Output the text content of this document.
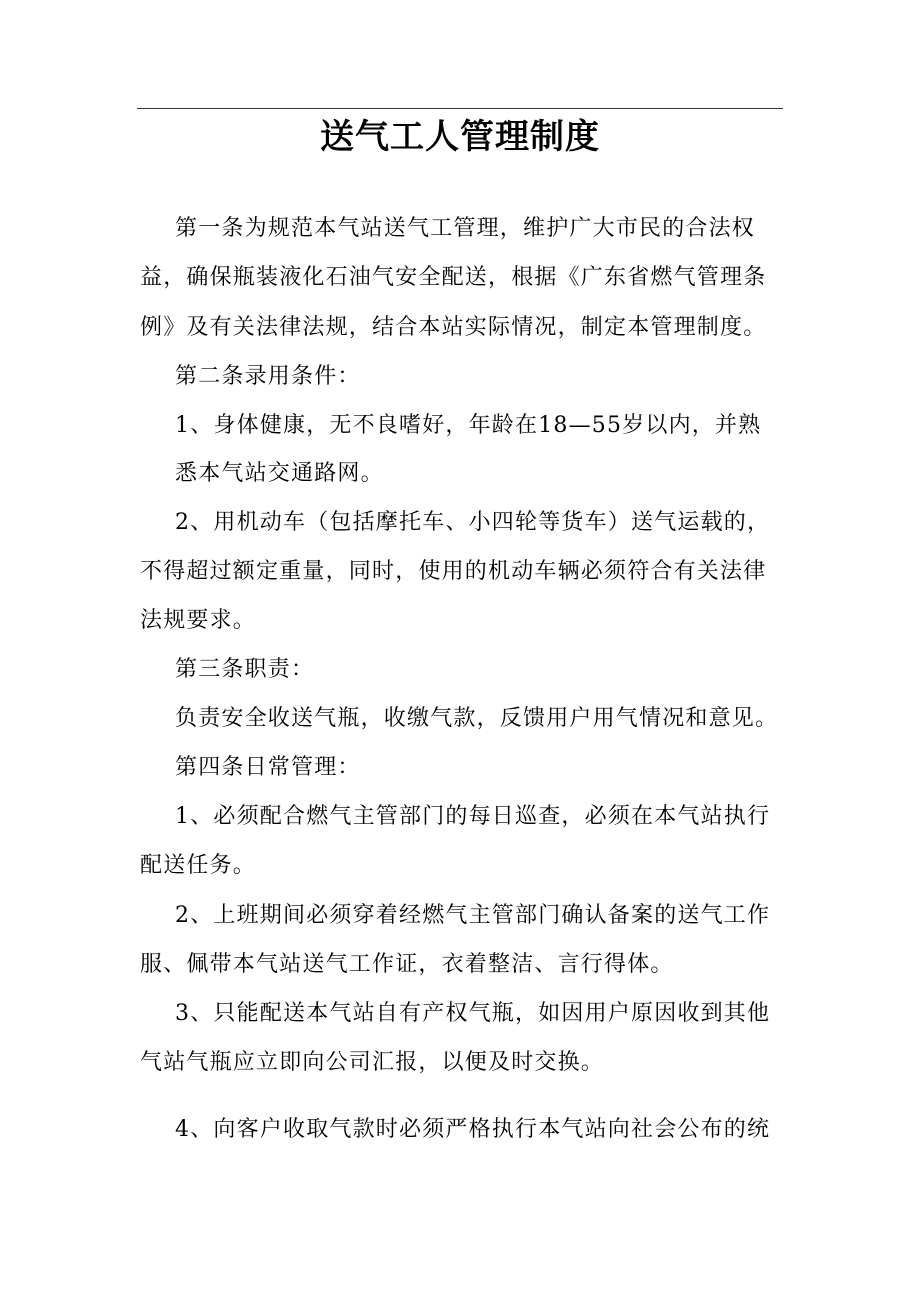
送气工人管理制度
第一条为规范本气站送气工管理，维护广大市民的合法权
益，确保瓶装液化石油气安全配送，根据《广东省燃气管理条
例》及有关法律法规，结合本站实际情况，制定本管理制度。
第二条录用条件：
1、身体健康，无不良嗜好，年龄在18—55岁以内，并熟
悉本气站交通路网。
2、用机动车（包括摩托车、小四轮等货车）送气运载的，
不得超过额定重量，同时，使用的机动车辆必须符合有关法律
法规要求。
第三条职责：
负责安全收送气瓶，收缴气款，反馈用户用气情况和意见。
第四条日常管理：
1、必须配合燃气主管部门的每日巡查，必须在本气站执行
配送任务。
2、上班期间必须穿着经燃气主管部门确认备案的送气工作
服、佩带本气站送气工作证，衣着整洁、言行得体。
3、只能配送本气站自有产权气瓶，如因用户原因收到其他
气站气瓶应立即向公司汇报，以便及时交换。
4、向客户收取气款时必须严格执行本气站向社会公布的统
